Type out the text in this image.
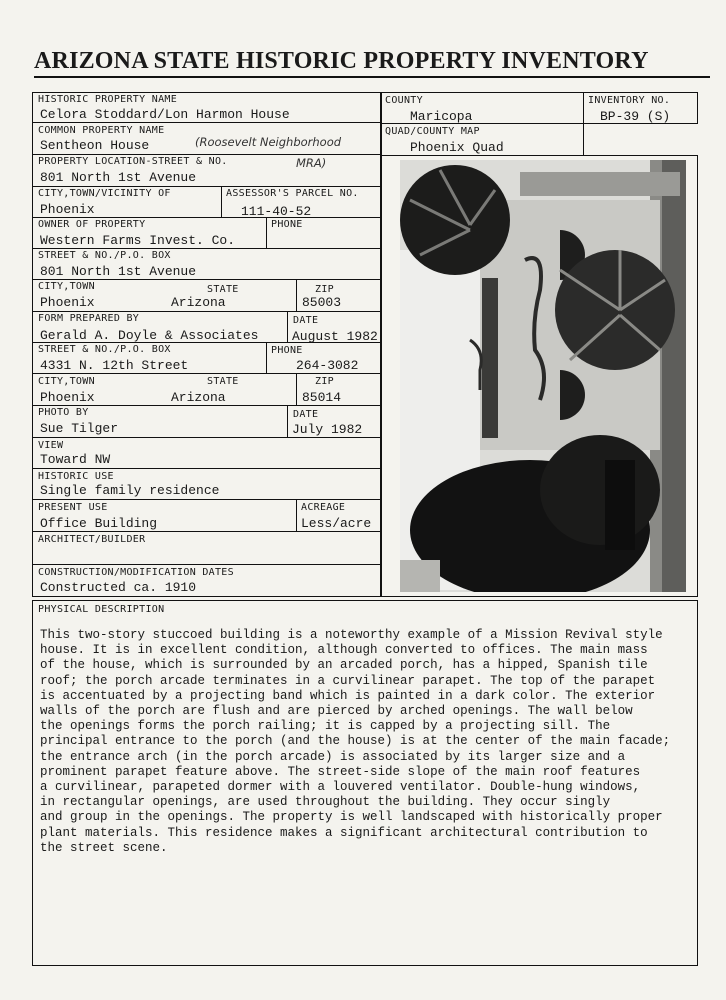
ARIZONA STATE HISTORIC PROPERTY INVENTORY
HISTORIC PROPERTY NAME
Celora Stoddard/Lon Harmon House
COMMON PROPERTY NAME
Sentheon House	(Roosevelt Neighborhood
MRA)
PROPERTY LOCATION-STREET & NO.
801 North 1st Avenue
CITY,TOWN/VICINITY OF
Phoenix
ASSESSOR'S PARCEL NO.
111-40-52
OWNER OF PROPERTY
Western Farms Invest. Co.
PHONE
STREET & NO./P.O. BOX
801 North 1st Avenue
CITY,TOWN
Phoenix
STATE
Arizona
ZIP
85003
FORM PREPARED BY
Gerald A. Doyle & Associates
DATE
August 1982
STREET & NO./P.O. BOX
4331 N. 12th Street
PHONE
264-3082
CITY,TOWN
Phoenix
STATE
Arizona
ZIP
85014
PHOTO BY
Sue Tilger
DATE
July 1982
VIEW
Toward NW
HISTORIC USE
Single family residence
PRESENT USE
Office Building
ACREAGE
Less/acre
ARCHITECT/BUILDER
CONSTRUCTION/MODIFICATION DATES
Constructed ca. 1910
COUNTY
Maricopa
INVENTORY NO.
BP-39 (S)
QUAD/COUNTY MAP
Phoenix Quad
PHYSICAL DESCRIPTION
This two-story stuccoed building is a noteworthy example of a Mission Revival style
house. It is in excellent condition, although converted to offices. The main mass
of the house, which is surrounded by an arcaded porch, has a hipped, Spanish tile
roof; the porch arcade terminates in a curvilinear parapet. The top of the parapet
is accentuated by a projecting band which is painted in a dark color. The exterior
walls of the porch are flush and are pierced by arched openings. The wall below
the openings forms the porch railing; it is capped by a projecting sill. The
principal entrance to the porch (and the house) is at the center of the main facade;
the entrance arch (in the porch arcade) is associated by its larger size and a
prominent parapet feature above. The street-side slope of the main roof features
a curvilinear, parapeted dormer with a louvered ventilator. Double-hung windows,
in rectangular openings, are used throughout the building. They occur singly
and group in the openings. The property is well landscaped with historically proper
plant materials. This residence makes a significant architectural contribution to
the street scene.
